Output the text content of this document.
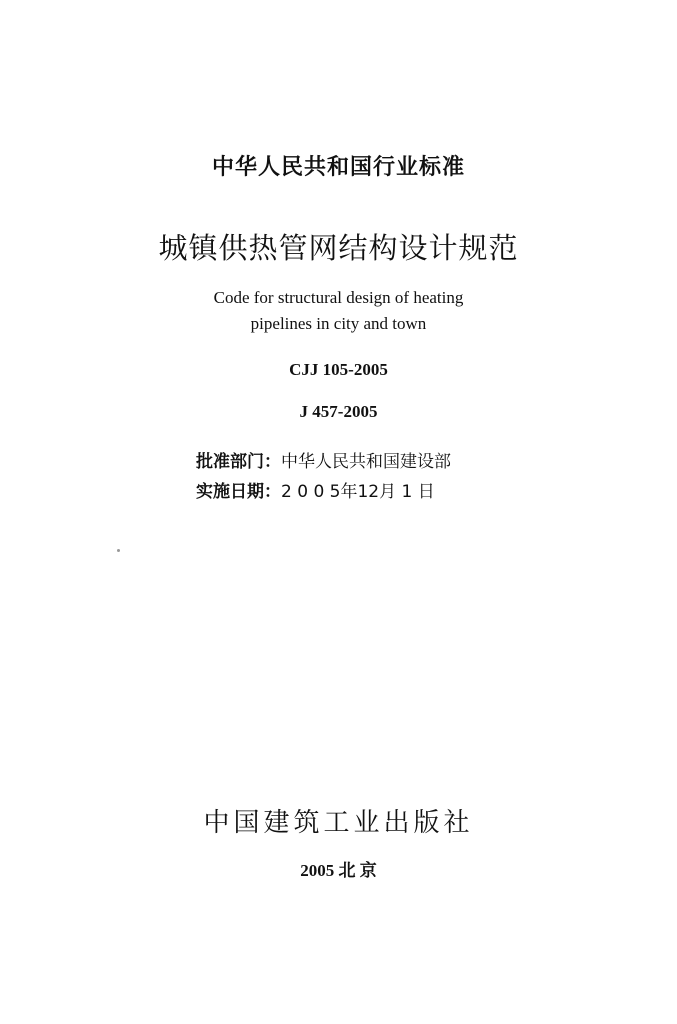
中华人民共和国行业标准
城镇供热管网结构设计规范
Code for structural design of heating
pipelines in city and town
CJJ 105-2005
J 457-2005
批准部门：中华人民共和国建设部
实施日期：2 0 0 5年12月 1 日
中国建筑工业出版社
2005 北 京
